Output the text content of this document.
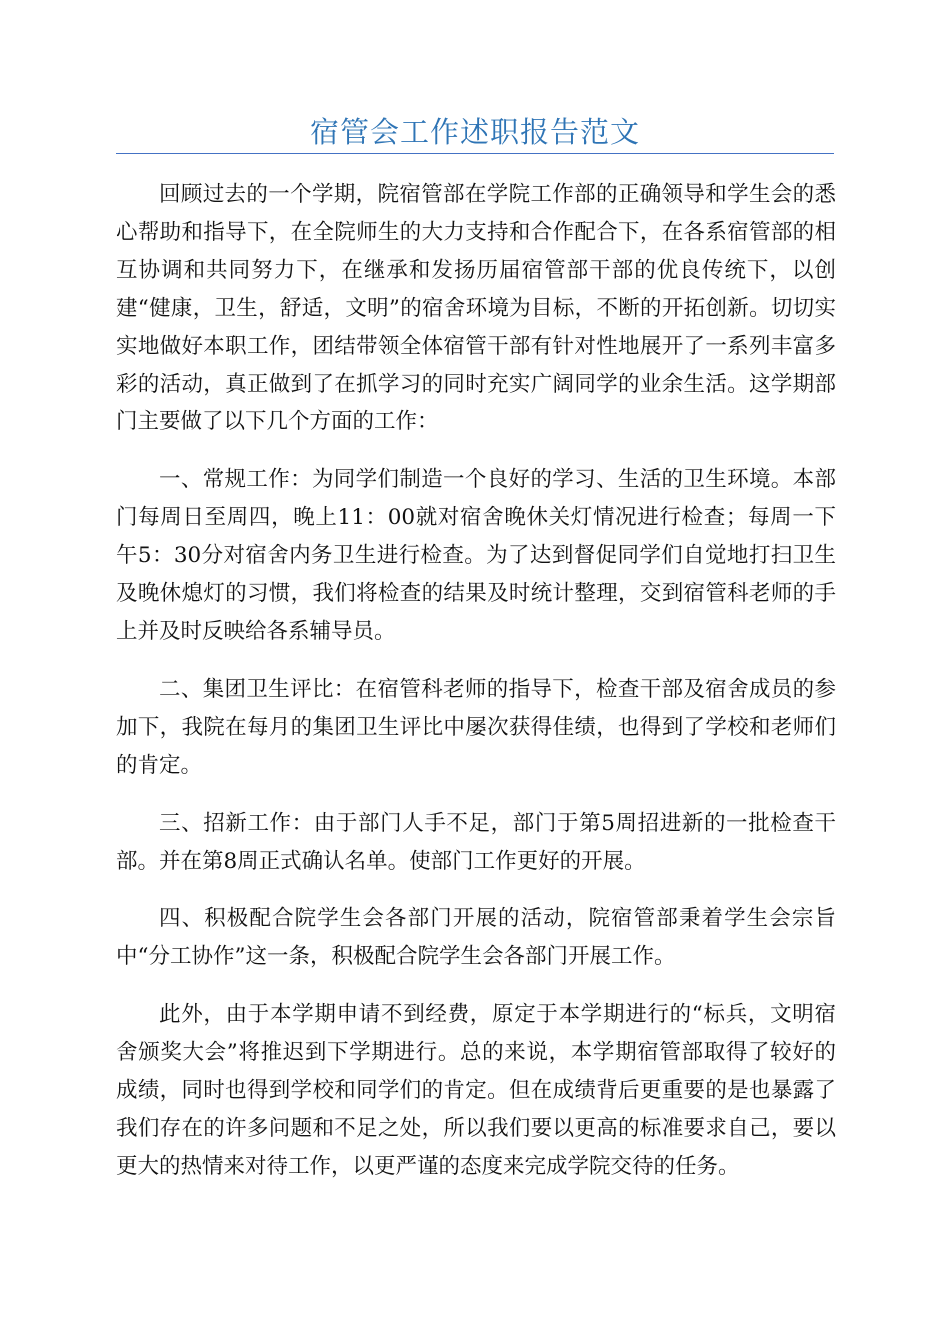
宿管会工作述职报告范文

回顾过去的一个学期，院宿管部在学院工作部的正确领导和学生会的悉心帮助和指导下，在全院师生的大力支持和合作配合下，在各系宿管部的相互协调和共同努力下，在继承和发扬历届宿管部干部的优良传统下，以创建“健康，卫生，舒适，文明”的宿舍环境为目标，不断的开拓创新。切切实实地做好本职工作，团结带领全体宿管干部有针对性地展开了一系列丰富多彩的活动，真正做到了在抓学习的同时充实广阔同学的业余生活。这学期部门主要做了以下几个方面的工作：

一、常规工作：为同学们制造一个良好的学习、生活的卫生环境。本部门每周日至周四，晚上11：00就对宿舍晚休关灯情况进行检查；每周一下午5：30分对宿舍内务卫生进行检查。为了达到督促同学们自觉地打扫卫生及晚休熄灯的习惯，我们将检查的结果及时统计整理，交到宿管科老师的手上并及时反映给各系辅导员。

二、集团卫生评比：在宿管科老师的指导下，检查干部及宿舍成员的参加下，我院在每月的集团卫生评比中屡次获得佳绩，也得到了学校和老师们的肯定。

三、招新工作：由于部门人手不足，部门于第5周招进新的一批检查干部。并在第8周正式确认名单。使部门工作更好的开展。

四、积极配合院学生会各部门开展的活动，院宿管部秉着学生会宗旨中“分工协作”这一条，积极配合院学生会各部门开展工作。

此外，由于本学期申请不到经费，原定于本学期进行的“标兵，文明宿舍颁奖大会”将推迟到下学期进行。总的来说，本学期宿管部取得了较好的成绩，同时也得到学校和同学们的肯定。但在成绩背后更重要的是也暴露了我们存在的许多问题和不足之处，所以我们要以更高的标准要求自己，要以更大的热情来对待工作，以更严谨的态度来完成学院交待的任务。
